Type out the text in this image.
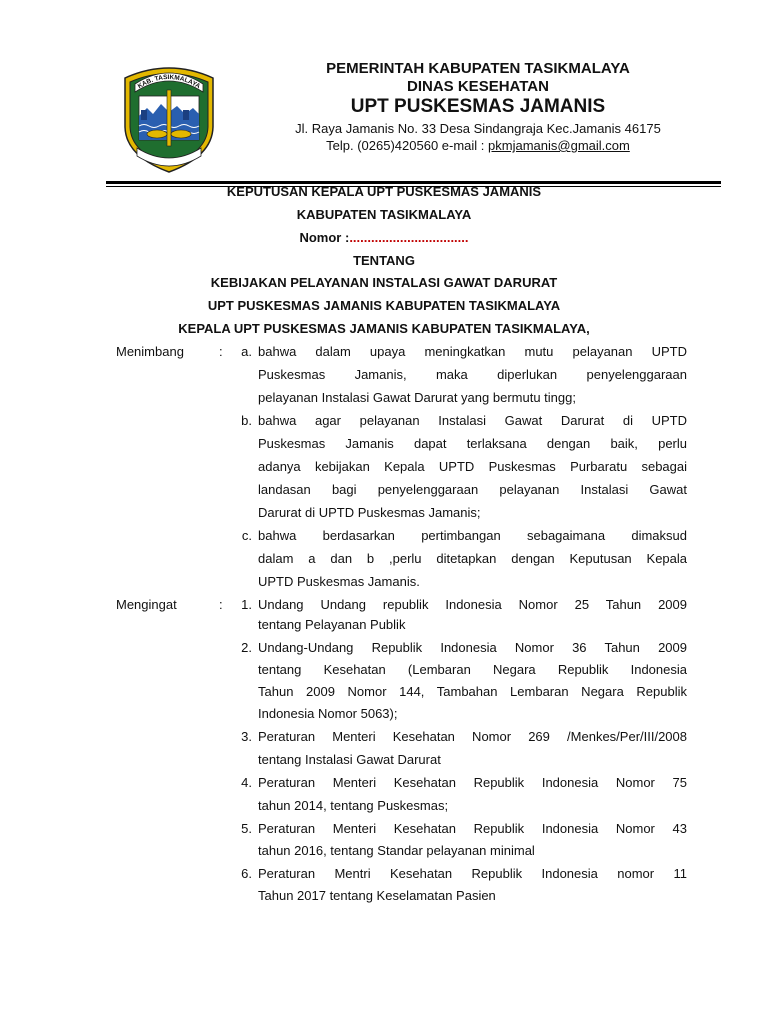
KAB. TASIKMALAYA
PEMERINTAH KABUPATEN TASIKMALAYA
DINAS KESEHATAN
UPT PUSKESMAS JAMANIS
Jl. Raya Jamanis No. 33 Desa Sindangraja Kec.Jamanis 46175
Telp. (0265)420560 e-mail : pkmjamanis@gmail.com
KEPUTUSAN KEPALA UPT PUSKESMAS JAMANIS
KABUPATEN TASIKMALAYA
Nomor :.................................
TENTANG
KEBIJAKAN PELAYANAN INSTALASI GAWAT DARURAT
UPT PUSKESMAS JAMANIS KABUPATEN TASIKMALAYA
KEPALA UPT PUSKESMAS JAMANIS KABUPATEN TASIKMALAYA,
Menimbang	:	a. bahwa dalam upaya meningkatkan mutu pelayanan UPTD
Puskesmas Jamanis, maka diperlukan penyelenggaraan
pelayanan Instalasi Gawat Darurat yang bermutu tingg;
b. bahwa agar pelayanan Instalasi Gawat Darurat di UPTD
Puskesmas Jamanis dapat terlaksana dengan baik, perlu
adanya kebijakan Kepala UPTD Puskesmas Purbaratu sebagai
landasan bagi penyelenggaraan pelayanan Instalasi Gawat
Darurat di UPTD Puskesmas Jamanis;
c. bahwa berdasarkan pertimbangan sebagaimana dimaksud
dalam a dan b ,perlu ditetapkan dengan Keputusan Kepala
UPTD Puskesmas Jamanis.
Mengingat	:	1. Undang Undang republik Indonesia Nomor 25 Tahun 2009
tentang Pelayanan Publik
2. Undang-Undang Republik Indonesia Nomor 36 Tahun 2009
tentang Kesehatan (Lembaran Negara Republik Indonesia
Tahun 2009 Nomor 144, Tambahan Lembaran Negara Republik
Indonesia Nomor 5063);
3. Peraturan Menteri Kesehatan Nomor 269 /Menkes/Per/III/2008
tentang Instalasi Gawat Darurat
4. Peraturan Menteri Kesehatan Republik Indonesia Nomor 75
tahun 2014, tentang Puskesmas;
5. Peraturan Menteri Kesehatan Republik Indonesia Nomor 43
tahun 2016, tentang Standar pelayanan minimal
6. Peraturan Mentri Kesehatan Republik Indonesia nomor 11
Tahun 2017 tentang Keselamatan Pasien
